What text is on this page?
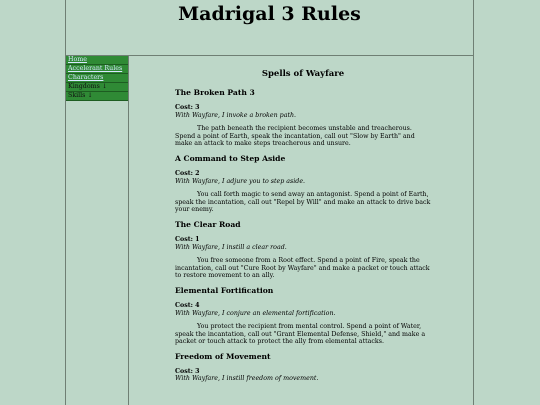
Madrigal 3 Rules
Home
Accelerant Rules
Characters
Kingdoms ↓
Skills ↓
Spells of Wayfare
The Broken Path 3

Cost: 3

With Wayfare, I invoke a broken path.

The path beneath the recipient becomes unstable and treacherous. Spend a point of Earth, speak the incantation, call out "Slow by Earth" and make an attack to make steps treacherous and unsure.

A Command to Step Aside

Cost: 2

With Wayfare, I adjure you to step aside.

You call forth magic to send away an antagonist. Spend a point of Earth, speak the incantation, call out "Repel by Will" and make an attack to drive back your enemy.

The Clear Road

Cost: 1

With Wayfare, I instill a clear road.

You free someone from a Root effect. Spend a point of Fire, speak the incantation, call out "Cure Root by Wayfare" and make a packet or touch attack to restore movement to an ally.

Elemental Fortification

Cost: 4

With Wayfare, I conjure an elemental fortification.

You protect the recipient from mental control. Spend a point of Water, speak the incantation, call out "Grant Elemental Defense, Shield," and make a packet or touch attack to protect the ally from elemental attacks.

Freedom of Movement

Cost: 3

With Wayfare, I instill freedom of movement.
